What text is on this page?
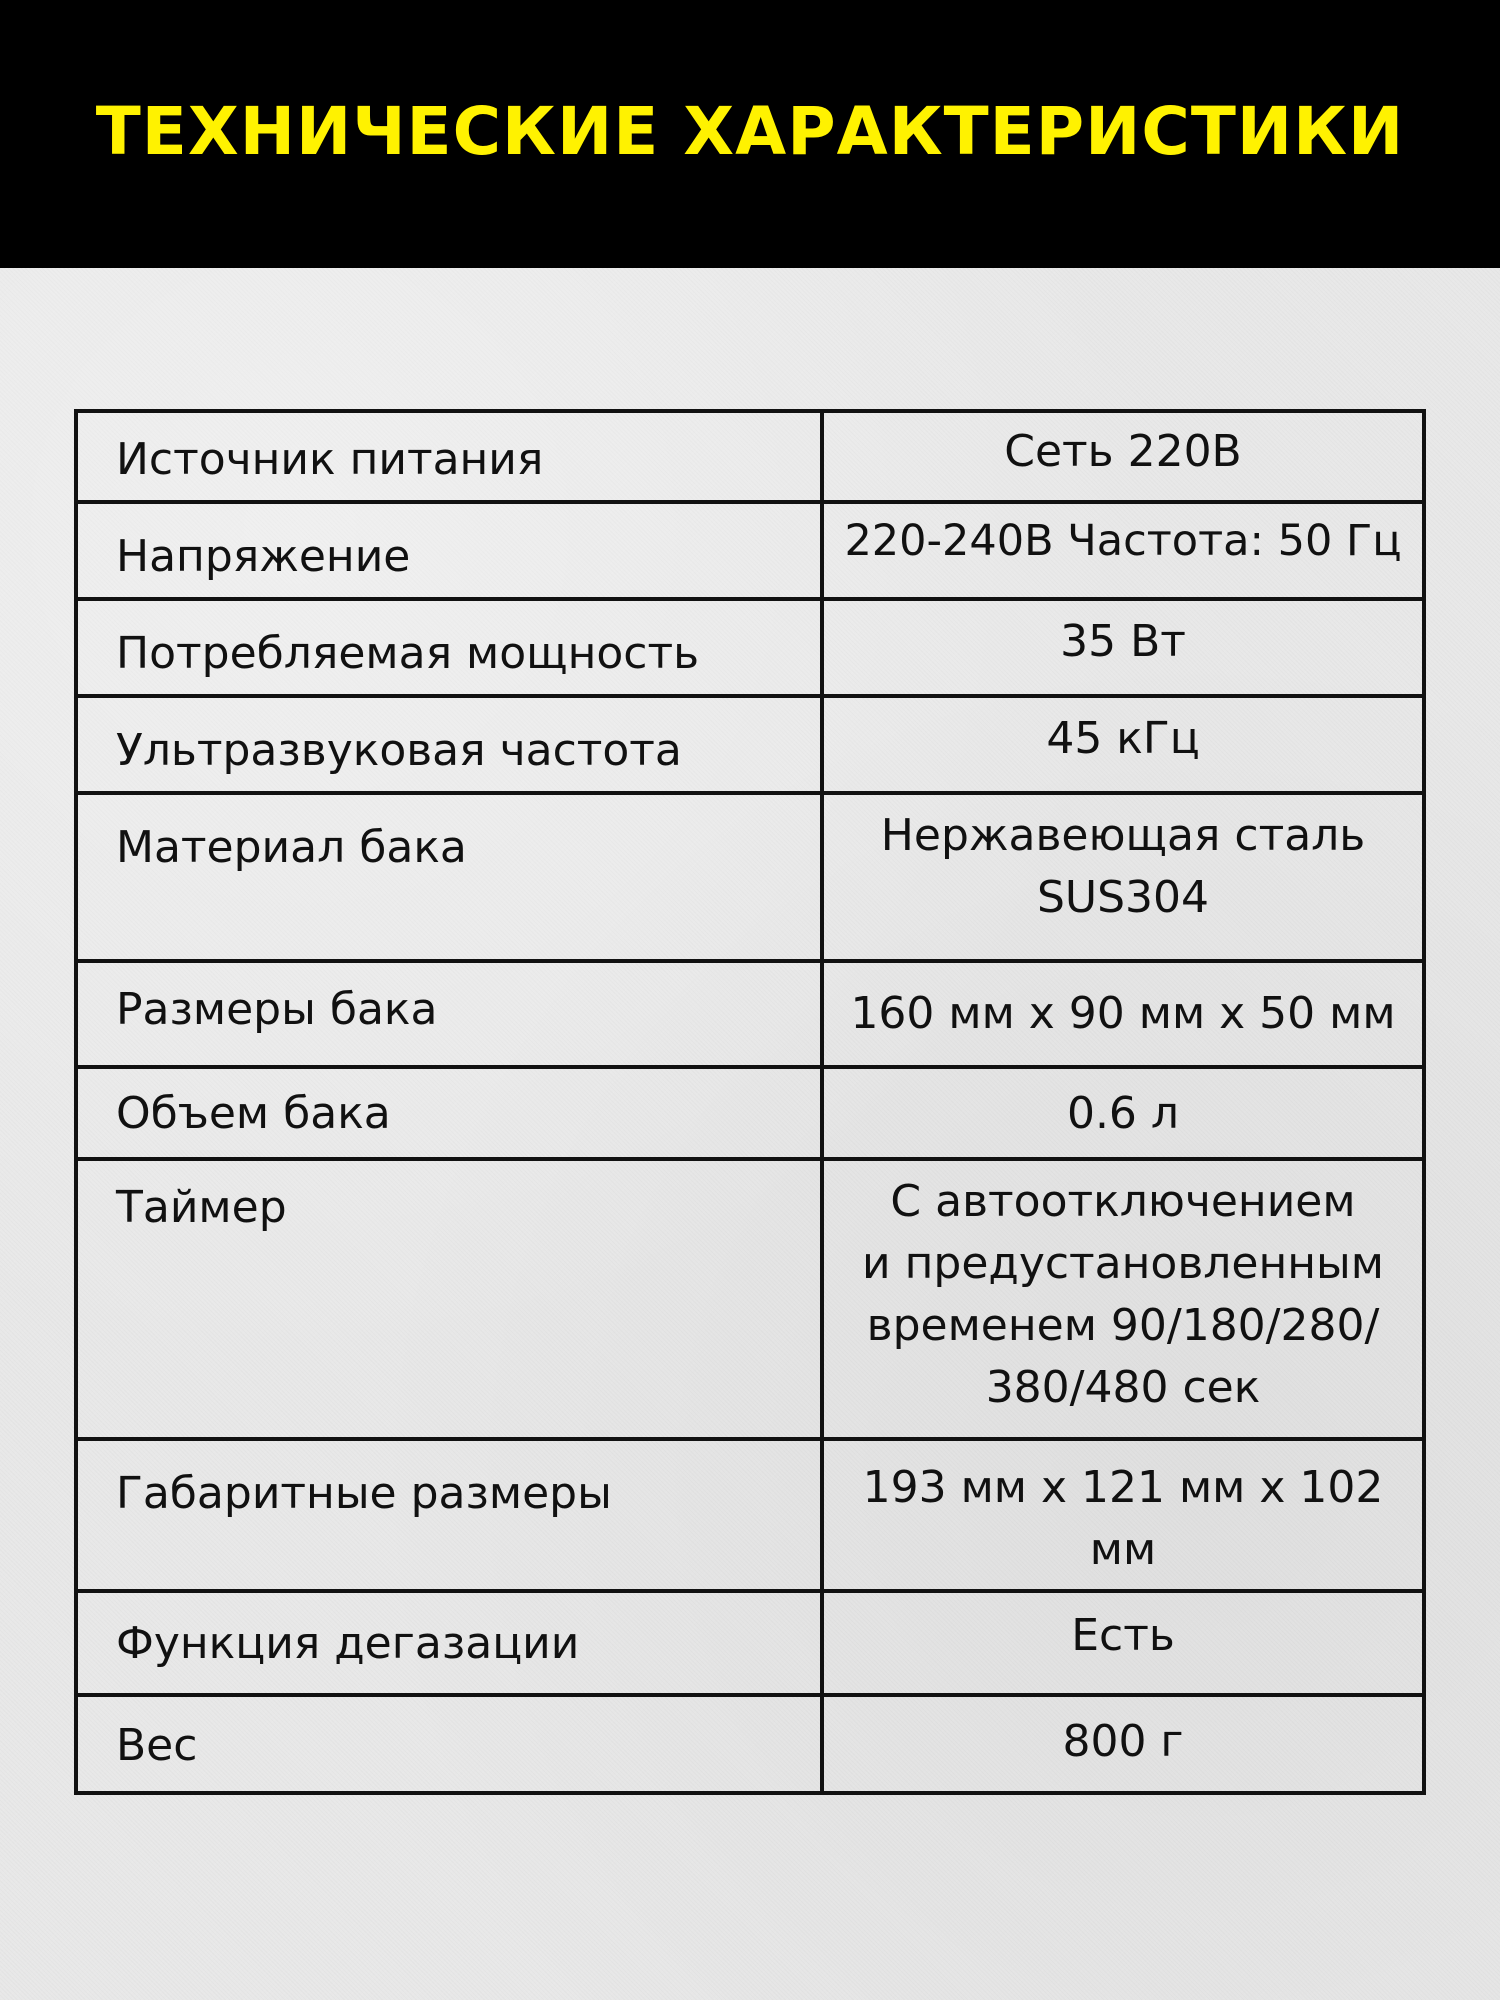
ТЕХНИЧЕСКИЕ ХАРАКТЕРИСТИКИ
Источник питания	Сеть 220В
Напряжение	220-240В Частота: 50 Гц
Потребляемая мощность	35 Вт
Ультразвуковая частота	45 кГц
Материал бака	Нержавеющая сталь
SUS304
Размеры бака	160 мм x 90 мм x 50 мм
Объем бака	0.6 л
Таймер	С автоотключением
и предустановленным
временем 90/180/280/
380/480 сек
Габаритные размеры	193 мм x 121 мм x 102 мм
Функция дегазации	Есть
Вес	800 г
